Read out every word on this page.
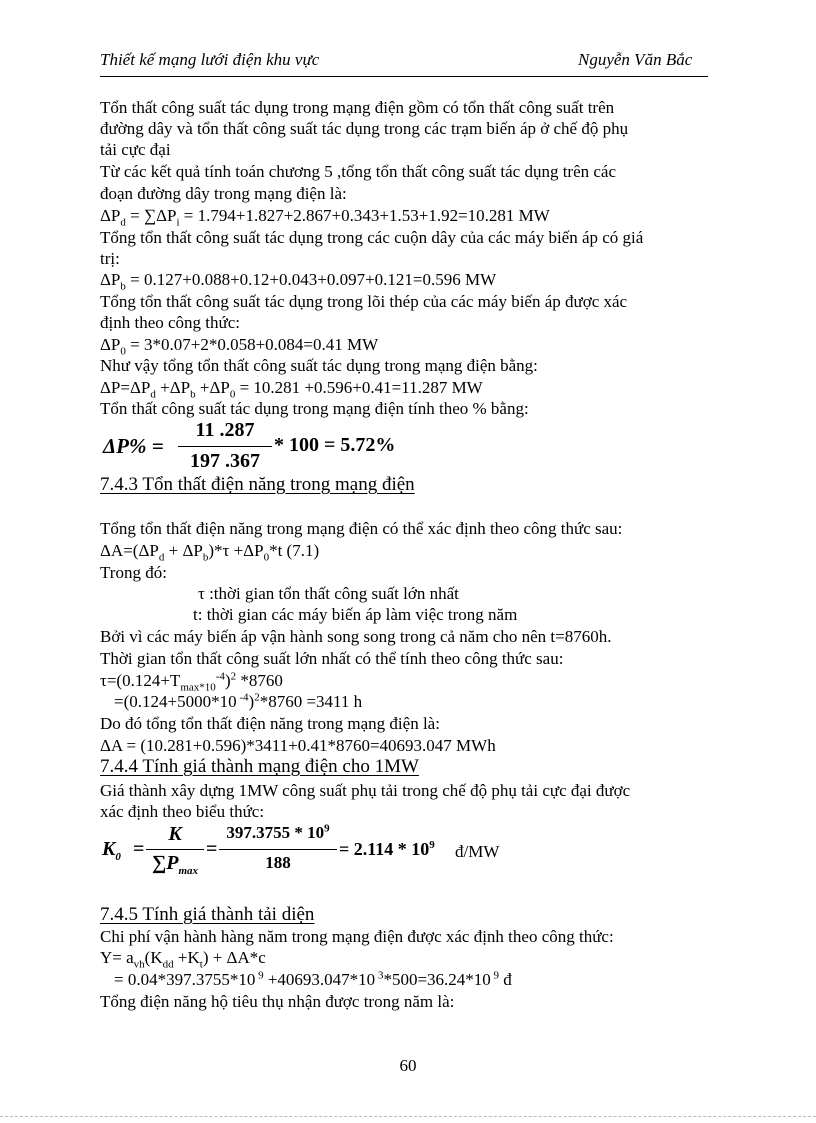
Thiết kế mạng lưới điện khu vực	Nguyễn Văn Bắc
Tổn thất công suất tác dụng trong mạng điện gồm có tổn thất công suất trên
đường dây và tổn thất công suất tác dụng trong các trạm biến áp ở chế độ phụ
tải cực đại
Từ các kết quả tính toán chương 5 ,tổng tổn thất công suất tác dụng trên các
đoạn đường dây trong mạng điện là:
$\Delta P_d = \sum\Delta P_i = 1.794+1.827+2.867+0.343+1.53+1.92=10.281$ MW
Tổng tổn thất công suất tác dụng trong các cuộn dây của các máy biến áp có giá
trị:
$\Delta P_b = 0.127+0.088+0.12+0.043+0.097+0.121=0.596$ MW
Tổng tổn thất công suất tác dụng trong lõi thép của các máy biến áp được xác
định theo công thức:
$\Delta P_0 = 3*0.07+2*0.058+0.084=0.41$ MW
Như vậy tổng tổn thất công suất tác dụng trong mạng điện bằng:
$\Delta P=\Delta P_d +\Delta P_b +\Delta P_0 = 10.281 +0.596+0.41=11.287$ MW
Tổn thất công suất tác dụng trong mạng điện tính theo % bằng:
ΔP% =
11 .287
197 .367
* 100 = 5.72%
7.4.3 Tổn thất điện năng trong mạng điện
Tổng tổn thất điện năng trong mạng điện có thể xác định theo công thức sau:
$\Delta A=(\Delta P_d + \Delta P_b)*\tau +\Delta P_0*t$ (7.1)
Trong đó:
τ :thời gian tổn thất công suất lớn nhất
t: thời gian các máy biến áp làm việc trong năm
Bởi vì các máy biến áp vận hành song song trong cả năm cho nên t=8760h.
Thời gian tổn thất công suất lớn nhất có thể tính theo công thức sau:
$\tau=(0.124+T_{max*10}^{-4})^2$ *8760
=(0.124+5000*10 $^{-4}$)$^2$*8760 =3411 h
Do đó tổng tổn thất điện năng trong mạng điện là:
ΔA = (10.281+0.596)*3411+0.41*8760=40693.047 MWh
7.4.4 Tính giá thành mạng điện cho 1MW
Giá thành xây dựng 1MW công suất phụ tải trong chế độ phụ tải cực đại được
xác định theo biểu thức:
$K_0$ =
K
$\sum P_{max}$
=
$397.3755 * 10^9$
188
= $2.114 * 10^9$ đ/MW
7.4.5 Tính giá thành tải diện
Chi phí vận hành hàng năm trong mạng điện được xác định theo công thức:
$Y= a_{vh}(K_{dd} +K_t) + \Delta A*c$
= 0.04*397.3755*10 $^9$ +40693.047*10 $^3$*500=36.24*10 $^9$ đ
Tổng điện năng hộ tiêu thụ nhận được trong năm là:
60
